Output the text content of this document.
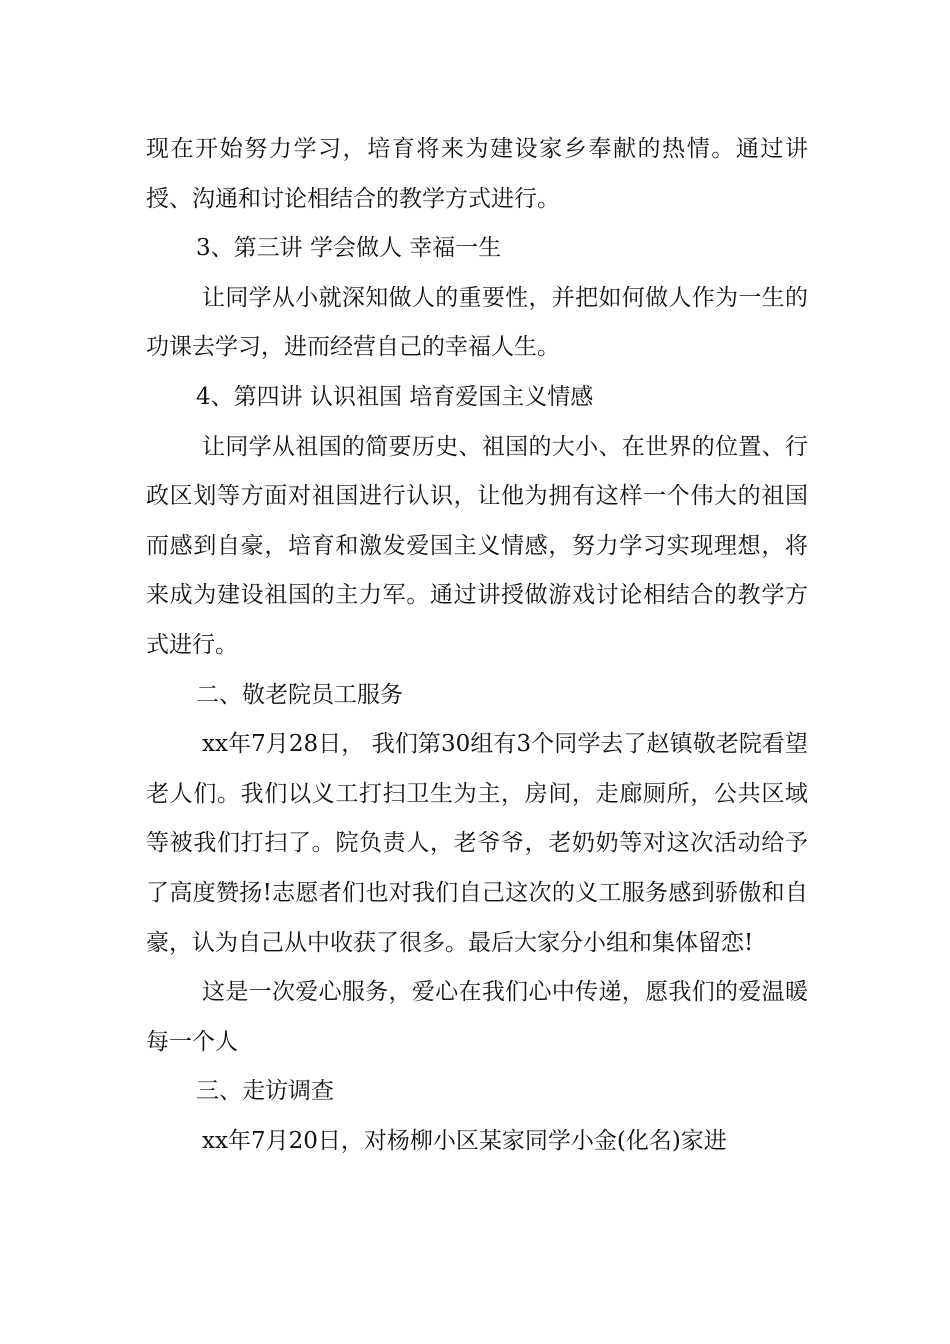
现在开始努力学习，培育将来为建设家乡奉献的热情。通过讲授、沟通和讨论相结合的教学方式进行。

3、第三讲 学会做人 幸福一生

让同学从小就深知做人的重要性，并把如何做人作为一生的功课去学习，进而经营自己的幸福人生。

4、第四讲 认识祖国 培育爱国主义情感

让同学从祖国的简要历史、祖国的大小、在世界的位置、行政区划等方面对祖国进行认识，让他为拥有这样一个伟大的祖国而感到自豪，培育和激发爱国主义情感，努力学习实现理想，将来成为建设祖国的主力军。通过讲授做游戏讨论相结合的教学方式进行。

二、敬老院员工服务

xx年7月28日， 我们第30组有3个同学去了赵镇敬老院看望老人们。我们以义工打扫卫生为主，房间，走廊厕所，公共区域等被我们打扫了。院负责人，老爷爷，老奶奶等对这次活动给予了高度赞扬!志愿者们也对我们自己这次的义工服务感到骄傲和自豪，认为自己从中收获了很多。最后大家分小组和集体留恋!

这是一次爱心服务，爱心在我们心中传递，愿我们的爱温暖每一个人

三、走访调查

xx年7月20日，对杨柳小区某家同学小金(化名)家进
